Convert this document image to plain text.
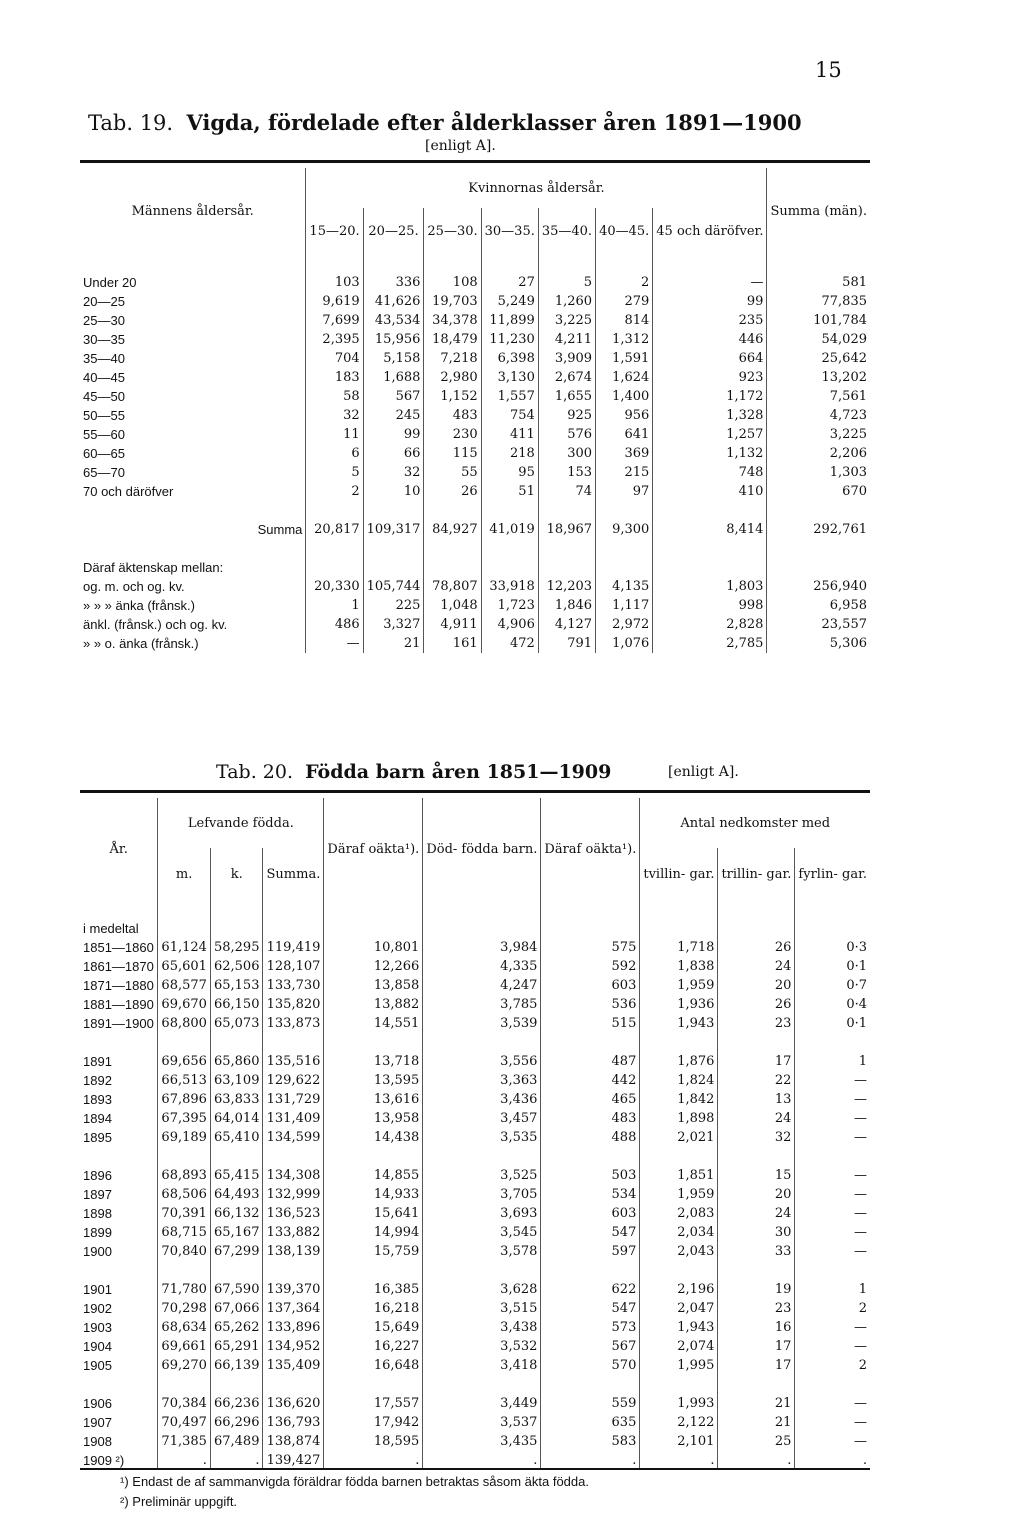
15
Tab. 19. Vigda, fördelade efter ålderklasser åren 1891—1900
[enligt A].
Männens åldersår.	Kvinnornas åldersår.							Summa (män).
	15—20.	20—25.	25—30.	30—35.	35—40.	40—45.	45 och däröfver.	

Under 20	103	336	108	27	5	2	—	581
20—25	9,619	41,626	19,703	5,249	1,260	279	99	77,835
25—30	7,699	43,534	34,378	11,899	3,225	814	235	101,784
30—35	2,395	15,956	18,479	11,230	4,211	1,312	446	54,029
35—40	704	5,158	7,218	6,398	3,909	1,591	664	25,642
40—45	183	1,688	2,980	3,130	2,674	1,624	923	13,202
45—50	58	567	1,152	1,557	1,655	1,400	1,172	7,561
50—55	32	245	483	754	925	956	1,328	4,723
55—60	11	99	230	411	576	641	1,257	3,225
60—65	6	66	115	218	300	369	1,132	2,206
65—70	5	32	55	95	153	215	748	1,303
70 och däröfver	2	10	26	51	74	97	410	670

Summa	20,817	109,317	84,927	41,019	18,967	9,300	8,414	292,761

Däraf äktenskap mellan:								
og. m. och og. kv.	20,330	105,744	78,807	33,918	12,203	4,135	1,803	256,940
» » » änka (frånsk.)	1	225	1,048	1,723	1,846	1,117	998	6,958
änkl. (frånsk.) och og. kv.	486	3,327	4,911	4,906	4,127	2,972	2,828	23,557
» » o. änka (frånsk.)	—	21	161	472	791	1,076	2,785	5,306
Tab. 20. Födda barn åren 1851—1909	[enligt A].
År.	Lefvande födda.			Däraf oäkta¹).	Död- födda barn.	Däraf oäkta¹).	Antal nedkomster med		
	m.	k.	Summa.						
							tvillin- gar.	trillin- gar.	fyrlin- gar.

i medeltal									
1851—1860	61,124	58,295	119,419	10,801	3,984	575	1,718	26	0·3
1861—1870	65,601	62,506	128,107	12,266	4,335	592	1,838	24	0·1
1871—1880	68,577	65,153	133,730	13,858	4,247	603	1,959	20	0·7
1881—1890	69,670	66,150	135,820	13,882	3,785	536	1,936	26	0·4
1891—1900	68,800	65,073	133,873	14,551	3,539	515	1,943	23	0·1

1891	69,656	65,860	135,516	13,718	3,556	487	1,876	17	1
1892	66,513	63,109	129,622	13,595	3,363	442	1,824	22	—
1893	67,896	63,833	131,729	13,616	3,436	465	1,842	13	—
1894	67,395	64,014	131,409	13,958	3,457	483	1,898	24	—
1895	69,189	65,410	134,599	14,438	3,535	488	2,021	32	—

1896	68,893	65,415	134,308	14,855	3,525	503	1,851	15	—
1897	68,506	64,493	132,999	14,933	3,705	534	1,959	20	—
1898	70,391	66,132	136,523	15,641	3,693	603	2,083	24	—
1899	68,715	65,167	133,882	14,994	3,545	547	2,034	30	—
1900	70,840	67,299	138,139	15,759	3,578	597	2,043	33	—

1901	71,780	67,590	139,370	16,385	3,628	622	2,196	19	1
1902	70,298	67,066	137,364	16,218	3,515	547	2,047	23	2
1903	68,634	65,262	133,896	15,649	3,438	573	1,943	16	—
1904	69,661	65,291	134,952	16,227	3,532	567	2,074	17	—
1905	69,270	66,139	135,409	16,648	3,418	570	1,995	17	2

1906	70,384	66,236	136,620	17,557	3,449	559	1,993	21	—
1907	70,497	66,296	136,793	17,942	3,537	635	2,122	21	—
1908	71,385	67,489	138,874	18,595	3,435	583	2,101	25	—
1909 ²)	.	.	139,427	.	.	.	.	.	.
¹) Endast de af sammanvigda föräldrar födda barnen betraktas såsom äkta födda.
²) Preliminär uppgift.
